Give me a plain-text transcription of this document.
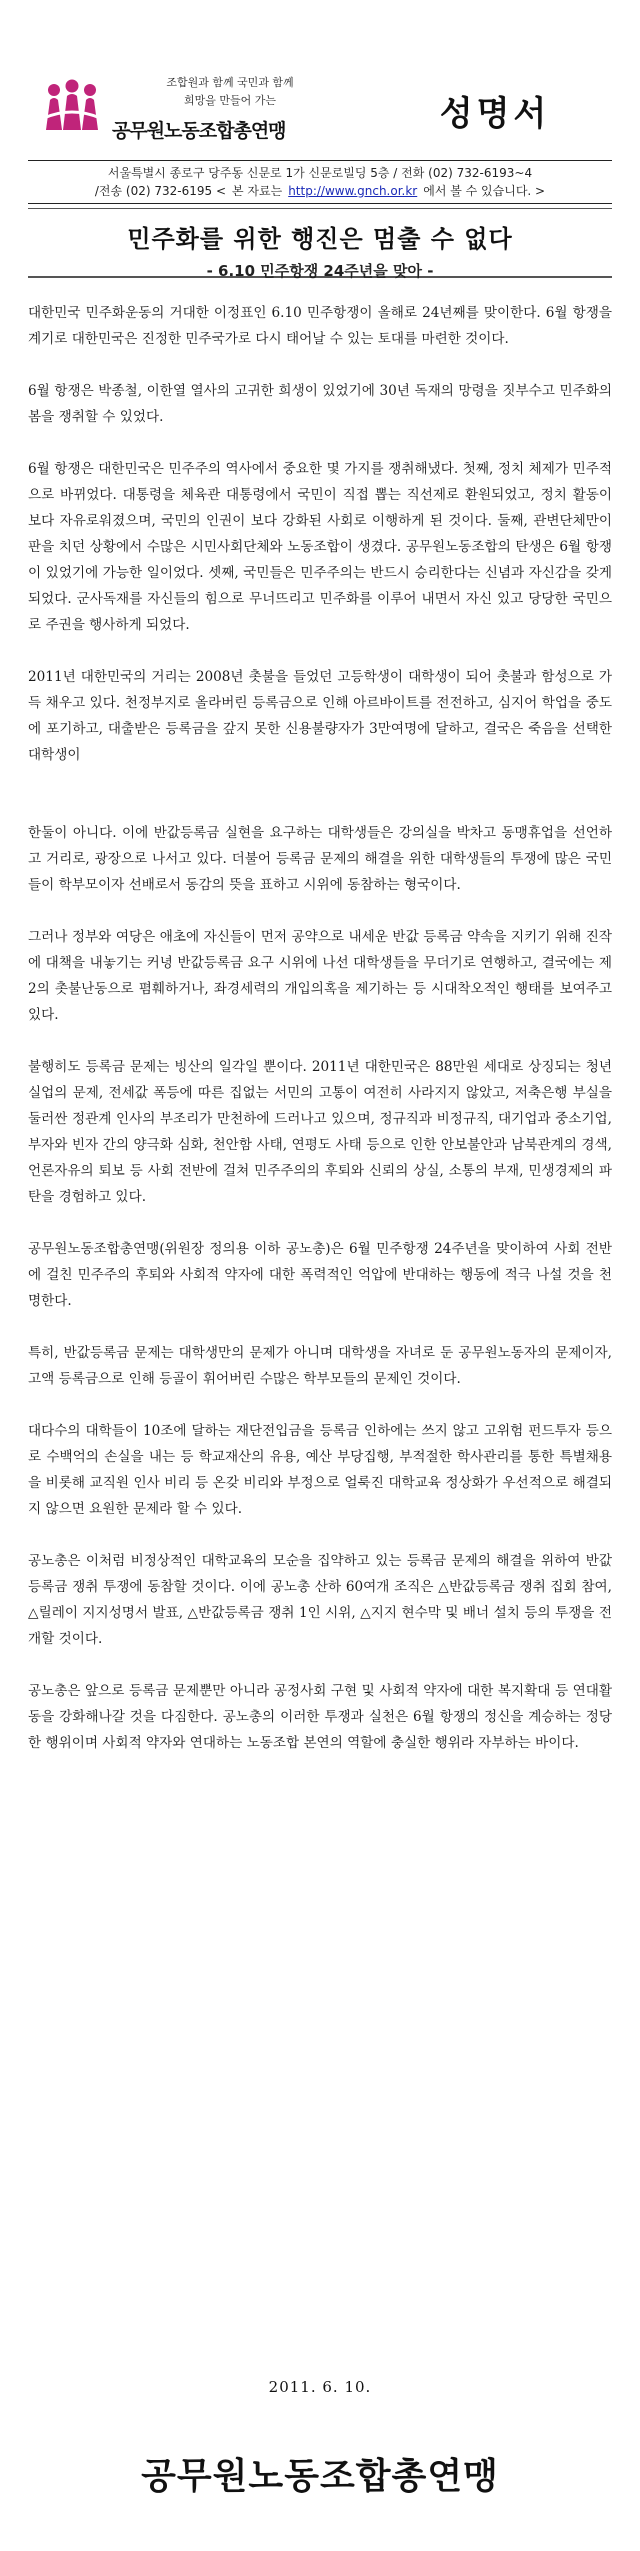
조합원과 함께 국민과 함께
희망을 만들어 가는
공무원노동조합총연맹	성명서
서울특별시 종로구 당주동 신문로 1가 신문로빌딩 5층 / 전화 (02) 732-6193~4
/전송 (02) 732-6195 < 본 자료는 http://www.gnch.or.kr 에서 볼 수 있습니다. >
민주화를 위한 행진은 멈출 수 없다
- 6.10 민주항쟁 24주년을 맞아 -

대한민국 민주화운동의 거대한 이정표인 6.10 민주항쟁이 올해로 24년째를 맞이한다. 6월 항쟁을 계기로 대한민국은 진정한 민주국가로 다시 태어날 수 있는 토대를 마련한 것이다.

6월 항쟁은 박종철, 이한열 열사의 고귀한 희생이 있었기에 30년 독재의 망령을 짓부수고 민주화의 봄을 쟁취할 수 있었다.

6월 항쟁은 대한민국은 민주주의 역사에서 중요한 몇 가지를 쟁취해냈다. 첫째, 정치 체제가 민주적으로 바뀌었다. 대통령을 체육관 대통령에서 국민이 직접 뽑는 직선제로 환원되었고, 정치 활동이 보다 자유로워졌으며, 국민의 인권이 보다 강화된 사회로 이행하게 된 것이다. 둘째, 관변단체만이 판을 치던 상황에서 수많은 시민사회단체와 노동조합이 생겼다. 공무원노동조합의 탄생은 6월 항쟁이 있었기에 가능한 일이었다. 셋째, 국민들은 민주주의는 반드시 승리한다는 신념과 자신감을 갖게 되었다. 군사독재를 자신들의 힘으로 무너뜨리고 민주화를 이루어 내면서 자신 있고 당당한 국민으로 주권을 행사하게 되었다.

2011년 대한민국의 거리는 2008년 촛불을 들었던 고등학생이 대학생이 되어 촛불과 함성으로 가득 채우고 있다. 천정부지로 올라버린 등록금으로 인해 아르바이트를 전전하고, 심지어 학업을 중도에 포기하고, 대출받은 등록금을 갚지 못한 신용불량자가 3만여명에 달하고, 결국은 죽음을 선택한 대학생이

한둘이 아니다. 이에 반값등록금 실현을 요구하는 대학생들은 강의실을 박차고 동맹휴업을 선언하고 거리로, 광장으로 나서고 있다. 더불어 등록금 문제의 해결을 위한 대학생들의 투쟁에 많은 국민들이 학부모이자 선배로서 동감의 뜻을 표하고 시위에 동참하는 형국이다.

그러나 정부와 여당은 애초에 자신들이 먼저 공약으로 내세운 반값 등록금 약속을 지키기 위해 진작에 대책을 내놓기는 커녕 반값등록금 요구 시위에 나선 대학생들을 무더기로 연행하고, 결국에는 제2의 촛불난동으로 폄훼하거나, 좌경세력의 개입의혹을 제기하는 등 시대착오적인 행태를 보여주고 있다.

불행히도 등록금 문제는 빙산의 일각일 뿐이다. 2011년 대한민국은 88만원 세대로 상징되는 청년실업의 문제, 전세값 폭등에 따른 집없는 서민의 고통이 여전히 사라지지 않았고, 저축은행 부실을 둘러싼 정관계 인사의 부조리가 만천하에 드러나고 있으며, 정규직과 비정규직, 대기업과 중소기업, 부자와 빈자 간의 양극화 심화, 천안함 사태, 연평도 사태 등으로 인한 안보불안과 남북관계의 경색, 언론자유의 퇴보 등 사회 전반에 걸쳐 민주주의의 후퇴와 신뢰의 상실, 소통의 부재, 민생경제의 파탄을 경험하고 있다.

공무원노동조합총연맹(위원장 정의용 이하 공노총)은 6월 민주항쟁 24주년을 맞이하여 사회 전반에 걸친 민주주의 후퇴와 사회적 약자에 대한 폭력적인 억압에 반대하는 행동에 적극 나설 것을 천명한다.

특히, 반값등록금 문제는 대학생만의 문제가 아니며 대학생을 자녀로 둔 공무원노동자의 문제이자, 고액 등록금으로 인해 등골이 휘어버린 수많은 학부모들의 문제인 것이다.

대다수의 대학들이 10조에 달하는 재단전입금을 등록금 인하에는 쓰지 않고 고위험 펀드투자 등으로 수백억의 손실을 내는 등 학교재산의 유용, 예산 부당집행, 부적절한 학사관리를 통한 특별채용을 비롯해 교직원 인사 비리 등 온갖 비리와 부정으로 얼룩진 대학교육 정상화가 우선적으로 해결되지 않으면 요원한 문제라 할 수 있다.

공노총은 이처럼 비정상적인 대학교육의 모순을 집약하고 있는 등록금 문제의 해결을 위하여 반값등록금 쟁취 투쟁에 동참할 것이다. 이에 공노총 산하 60여개 조직은 △반값등록금 쟁취 집회 참여, △릴레이 지지성명서 발표, △반값등록금 쟁취 1인 시위, △지지 현수막 및 배너 설치 등의 투쟁을 전개할 것이다.

공노총은 앞으로 등록금 문제뿐만 아니라 공정사회 구현 및 사회적 약자에 대한 복지확대 등 연대활동을 강화해나갈 것을 다짐한다. 공노총의 이러한 투쟁과 실천은 6월 항쟁의 정신을 계승하는 정당한 행위이며 사회적 약자와 연대하는 노동조합 본연의 역할에 충실한 행위라 자부하는 바이다.

2011. 6. 10.
공무원노동조합총연맹
